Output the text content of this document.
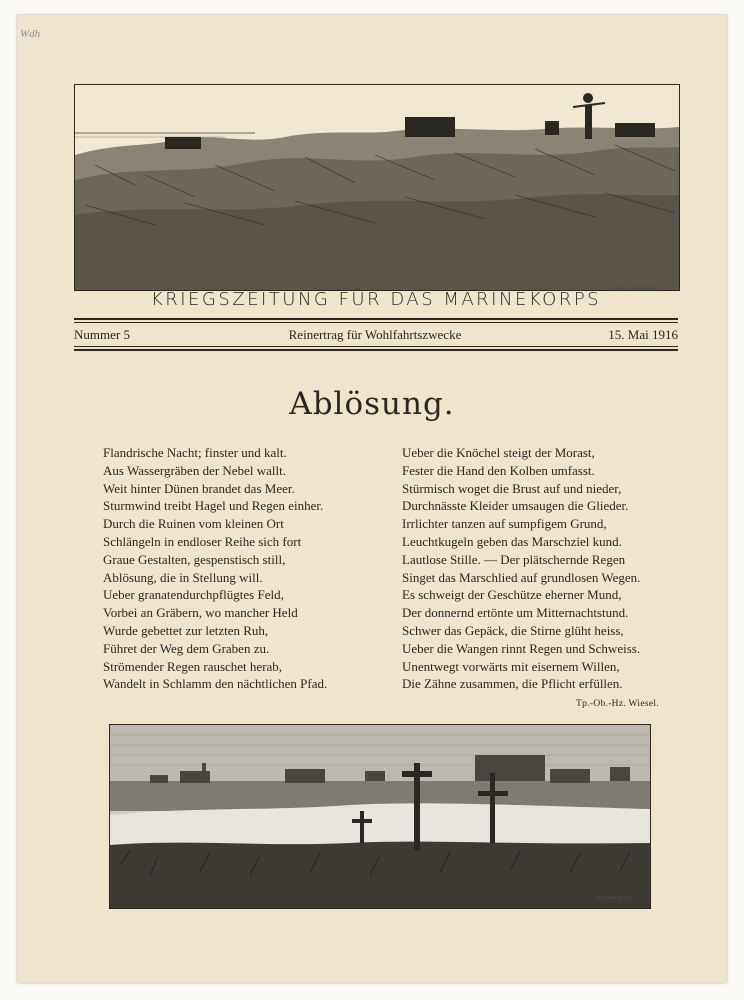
Wdh
Ernst Schleinitz
KRIEGSZEITUNG FÜR DAS MARINEKORPS
Nummer 5	Reinertrag für Wohlfahrtszwecke	15. Mai 1916
Ablösung.
Flandrische Nacht; finster und kalt.
Aus Wassergräben der Nebel wallt.
Weit hinter Dünen brandet das Meer.
Sturmwind treibt Hagel und Regen einher.
Durch die Ruinen vom kleinen Ort
Schlängeln in endloser Reihe sich fort
Graue Gestalten, gespenstisch still,
Ablösung, die in Stellung will.
Ueber granatendurchpflügtes Feld,
Vorbei an Gräbern, wo mancher Held
Wurde gebettet zur letzten Ruh,
Führet der Weg dem Graben zu.
Strömender Regen rauschet herab,
Wandelt in Schlamm den nächtlichen Pfad.
Ueber die Knöchel steigt der Morast,
Fester die Hand den Kolben umfasst.
Stürmisch woget die Brust auf und nieder,
Durchnässte Kleider umsaugen die Glieder.
Irrlichter tanzen auf sumpfigem Grund,
Leuchtkugeln geben das Marschziel kund.
Lautlose Stille. — Der plätschernde Regen
Singet das Marschlied auf grundlosen Wegen.
Es schweigt der Geschütze eherner Mund,
Der donnernd ertönte um Mitternachtstund.
Schwer das Gepäck, die Stirne glüht heiss,
Ueber die Wangen rinnt Regen und Schweiss.
Unentwegt vorwärts mit eisernem Willen,
Die Zähne zusammen, die Pflicht erfüllen.
Tp.-Ob.-Hz. Wiesel.
E. Schleinitz 1916
